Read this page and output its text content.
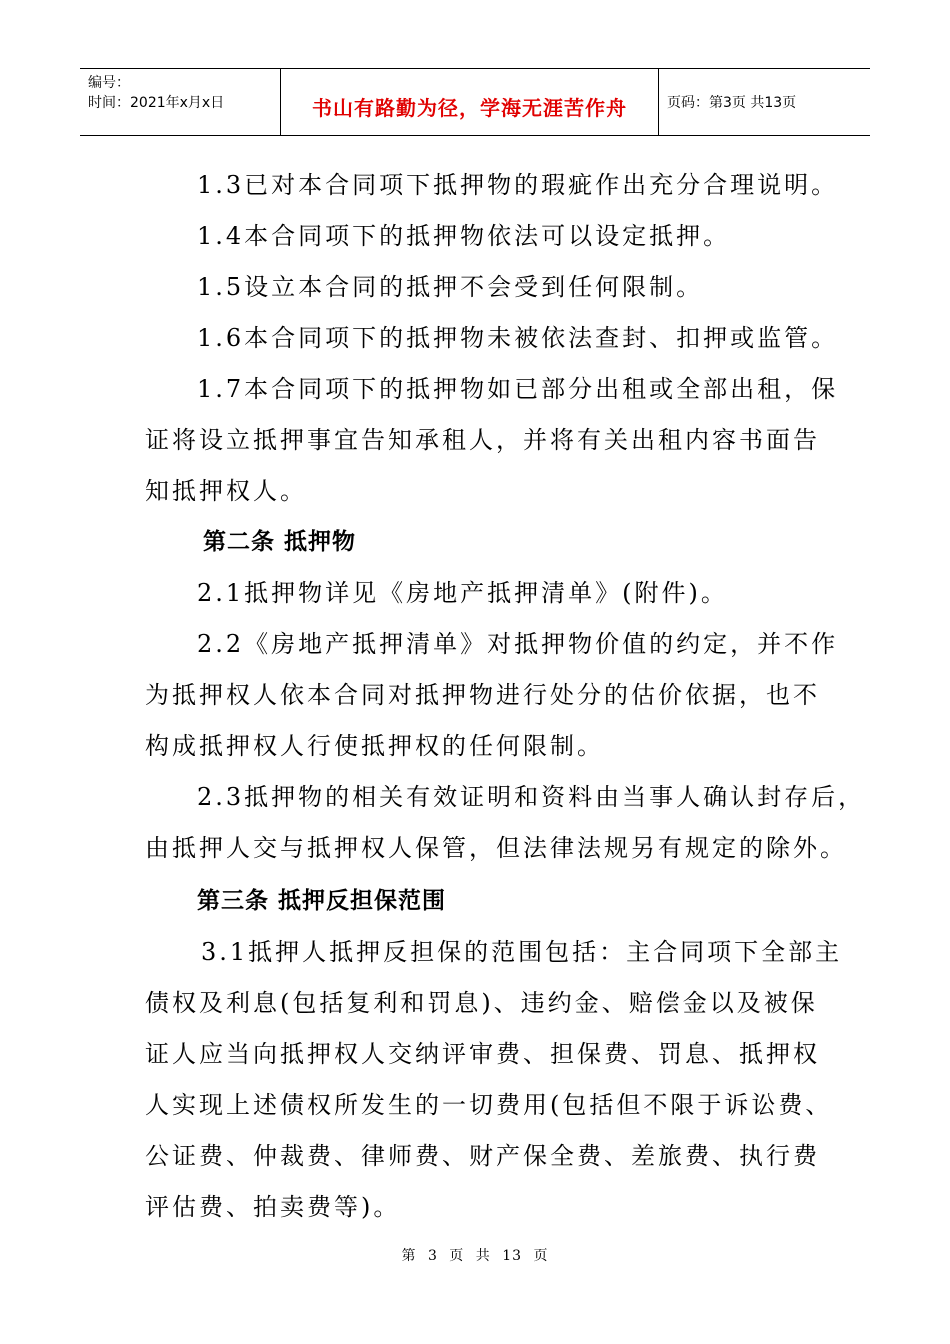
编号：
时间：2021年x月x日	书山有路勤为径，学海无涯苦作舟	页码：第3页 共13页

1.3已对本合同项下抵押物的瑕疵作出充分合理说明。

1.4本合同项下的抵押物依法可以设定抵押。

1.5设立本合同的抵押不会受到任何限制。

1.6本合同项下的抵押物未被依法查封、扣押或监管。

1.7本合同项下的抵押物如已部分出租或全部出租，保

证将设立抵押事宜告知承租人，并将有关出租内容书面告

知抵押权人。

第二条 抵押物

2.1抵押物详见《房地产抵押清单》(附件)。

2.2《房地产抵押清单》对抵押物价值的约定，并不作

为抵押权人依本合同对抵押物进行处分的估价依据，也不

构成抵押权人行使抵押权的任何限制。

2.3抵押物的相关有效证明和资料由当事人确认封存后，

由抵押人交与抵押权人保管，但法律法规另有规定的除外。

第三条 抵押反担保范围

3.1抵押人抵押反担保的范围包括：主合同项下全部主

债权及利息(包括复利和罚息)、违约金、赔偿金以及被保

证人应当向抵押权人交纳评审费、担保费、罚息、抵押权

人实现上述债权所发生的一切费用(包括但不限于诉讼费、

公证费、仲裁费、律师费、财产保全费、差旅费、执行费

评估费、拍卖费等)。

第 3 页 共 13 页
